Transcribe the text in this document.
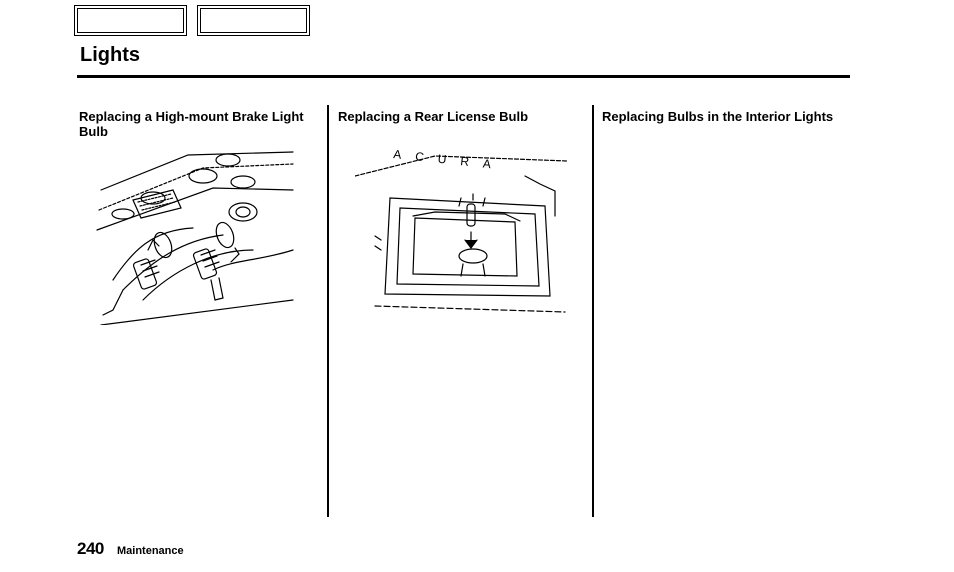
Lights
Replacing a High-mount Brake Light Bulb
Replacing a Rear License Bulb	Replacing Bulbs in the Interior Lights
ACURA
240 Maintenance
